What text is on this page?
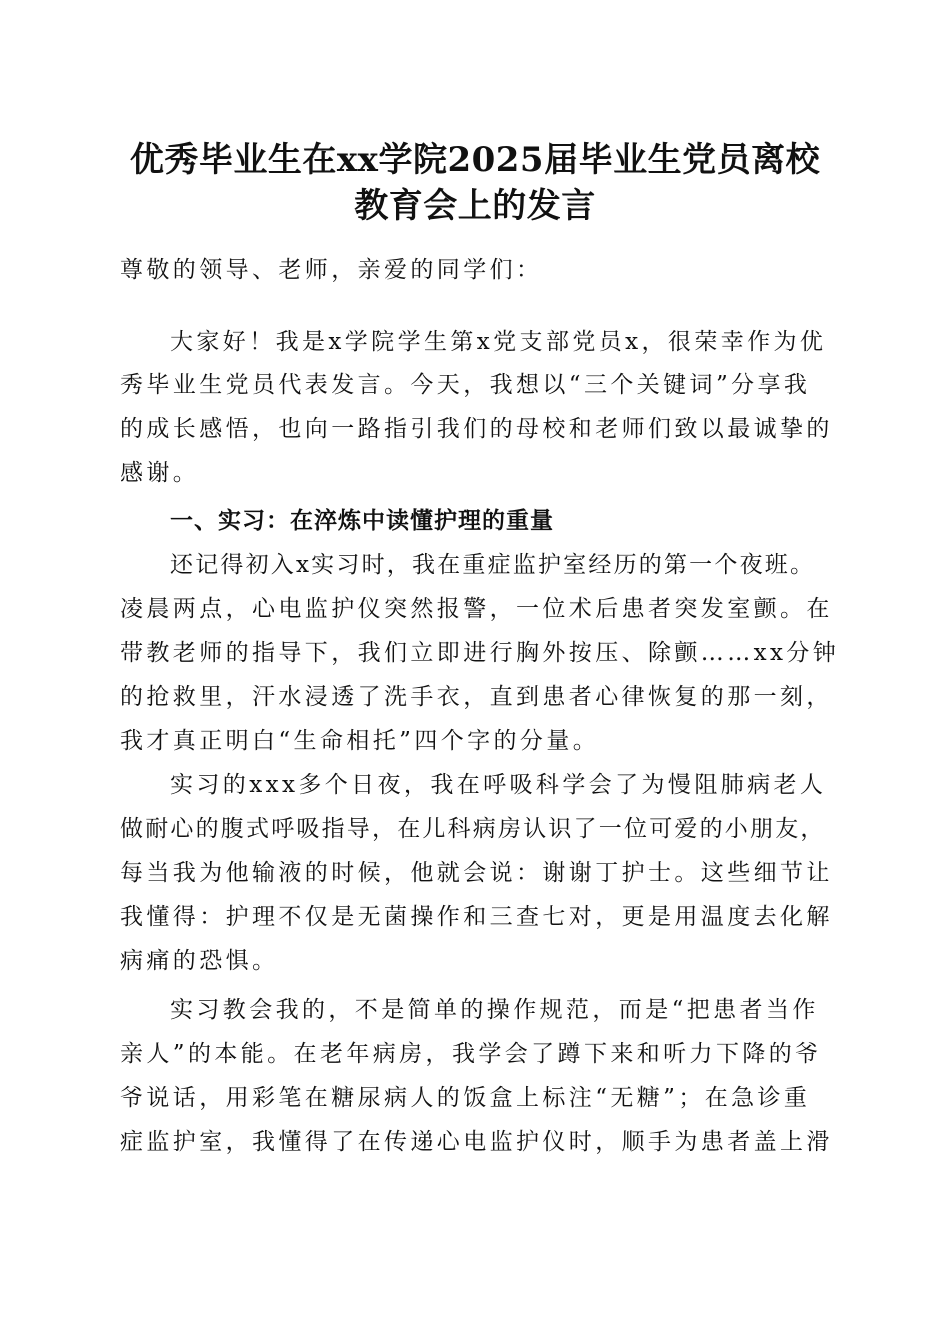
优秀毕业生在xx学院2025届毕业生党员离校
教育会上的发言
尊敬的领导、老师，亲爱的同学们：
大家好！我是x学院学生第x党支部党员x，很荣幸作为优
秀毕业生党员代表发言。今天，我想以“三个关键词”分享我
的成长感悟，也向一路指引我们的母校和老师们致以最诚挚的
感谢。
一、实习：在淬炼中读懂护理的重量
还记得初入x实习时，我在重症监护室经历的第一个夜班。
凌晨两点，心电监护仪突然报警，一位术后患者突发室颤。在
带教老师的指导下，我们立即进行胸外按压、除颤……xx分钟
的抢救里，汗水浸透了洗手衣，直到患者心律恢复的那一刻，
我才真正明白“生命相托”四个字的分量。
实习的xxx多个日夜，我在呼吸科学会了为慢阻肺病老人
做耐心的腹式呼吸指导，在儿科病房认识了一位可爱的小朋友，
每当我为他输液的时候，他就会说：谢谢丁护士。这些细节让
我懂得：护理不仅是无菌操作和三查七对，更是用温度去化解
病痛的恐惧。
实习教会我的，不是简单的操作规范，而是“把患者当作
亲人”的本能。在老年病房，我学会了蹲下来和听力下降的爷
爷说话，用彩笔在糖尿病人的饭盒上标注“无糖”；在急诊重
症监护室，我懂得了在传递心电监护仪时，顺手为患者盖上滑
